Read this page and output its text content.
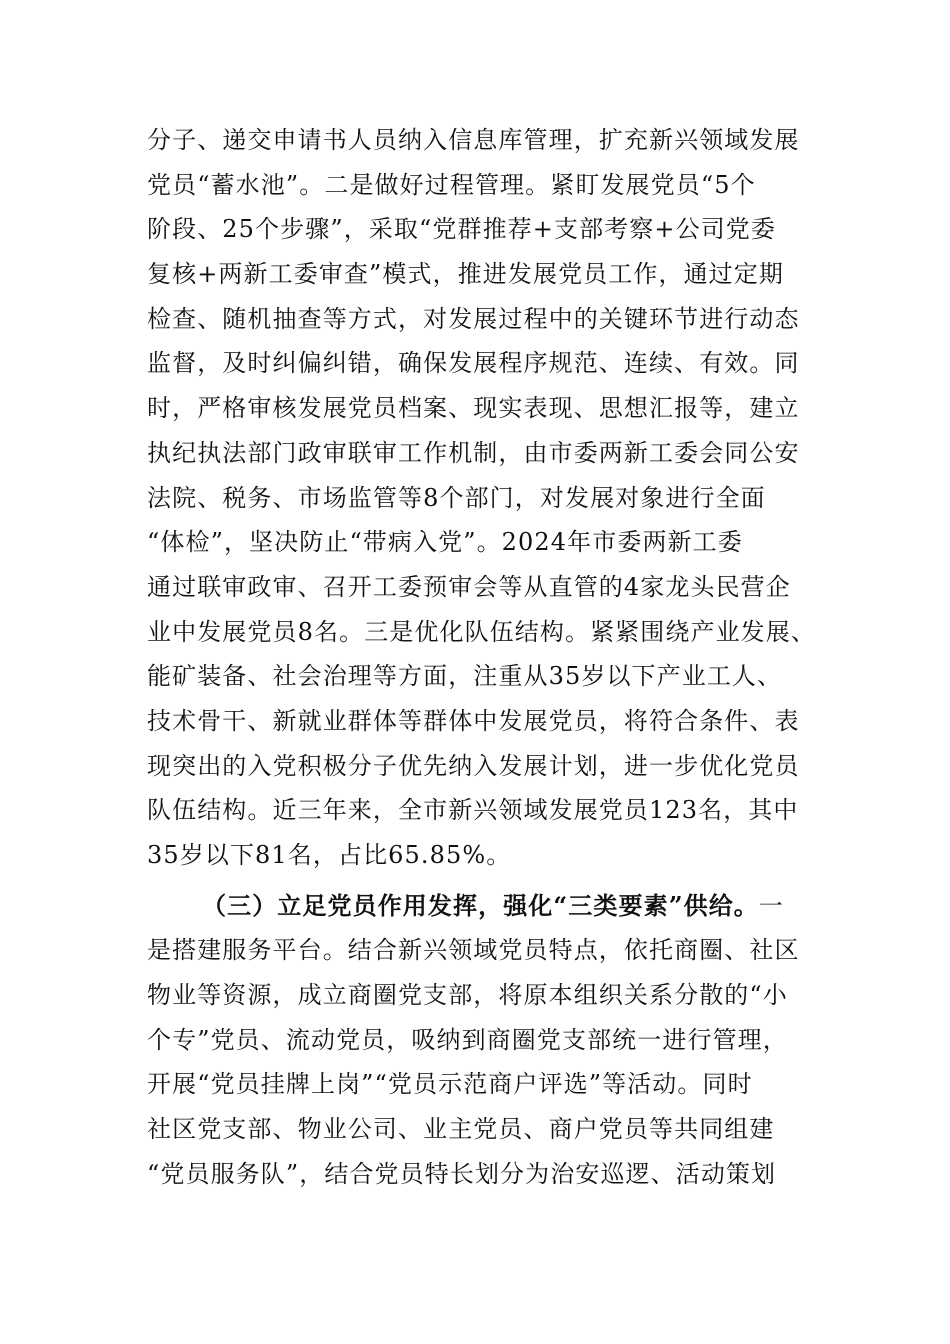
分子、递交申请书人员纳入信息库管理，扩充新兴领域发展
党员“蓄水池”。二是做好过程管理。紧盯发展党员“5个
阶段、25个步骤”，采取“党群推荐+支部考察+公司党委
复核+两新工委审查”模式，推进发展党员工作，通过定期
检查、随机抽查等方式，对发展过程中的关键环节进行动态
监督，及时纠偏纠错，确保发展程序规范、连续、有效。同
时，严格审核发展党员档案、现实表现、思想汇报等，建立
执纪执法部门政审联审工作机制，由市委两新工委会同公安
法院、税务、市场监管等8个部门，对发展对象进行全面
“体检”，坚决防止“带病入党”。2024年市委两新工委
通过联审政审、召开工委预审会等从直管的4家龙头民营企
业中发展党员8名。三是优化队伍结构。紧紧围绕产业发展、
能矿装备、社会治理等方面，注重从35岁以下产业工人、
技术骨干、新就业群体等群体中发展党员，将符合条件、表
现突出的入党积极分子优先纳入发展计划，进一步优化党员
队伍结构。近三年来，全市新兴领域发展党员123名，其中
35岁以下81名，占比65.85%。
（三）立足党员作用发挥，强化“三类要素”供给。一
是搭建服务平台。结合新兴领域党员特点，依托商圈、社区
物业等资源，成立商圈党支部，将原本组织关系分散的“小
个专”党员、流动党员，吸纳到商圈党支部统一进行管理，
开展“党员挂牌上岗”“党员示范商户评选”等活动。同时
社区党支部、物业公司、业主党员、商户党员等共同组建
“党员服务队”，结合党员特长划分为治安巡逻、活动策划
